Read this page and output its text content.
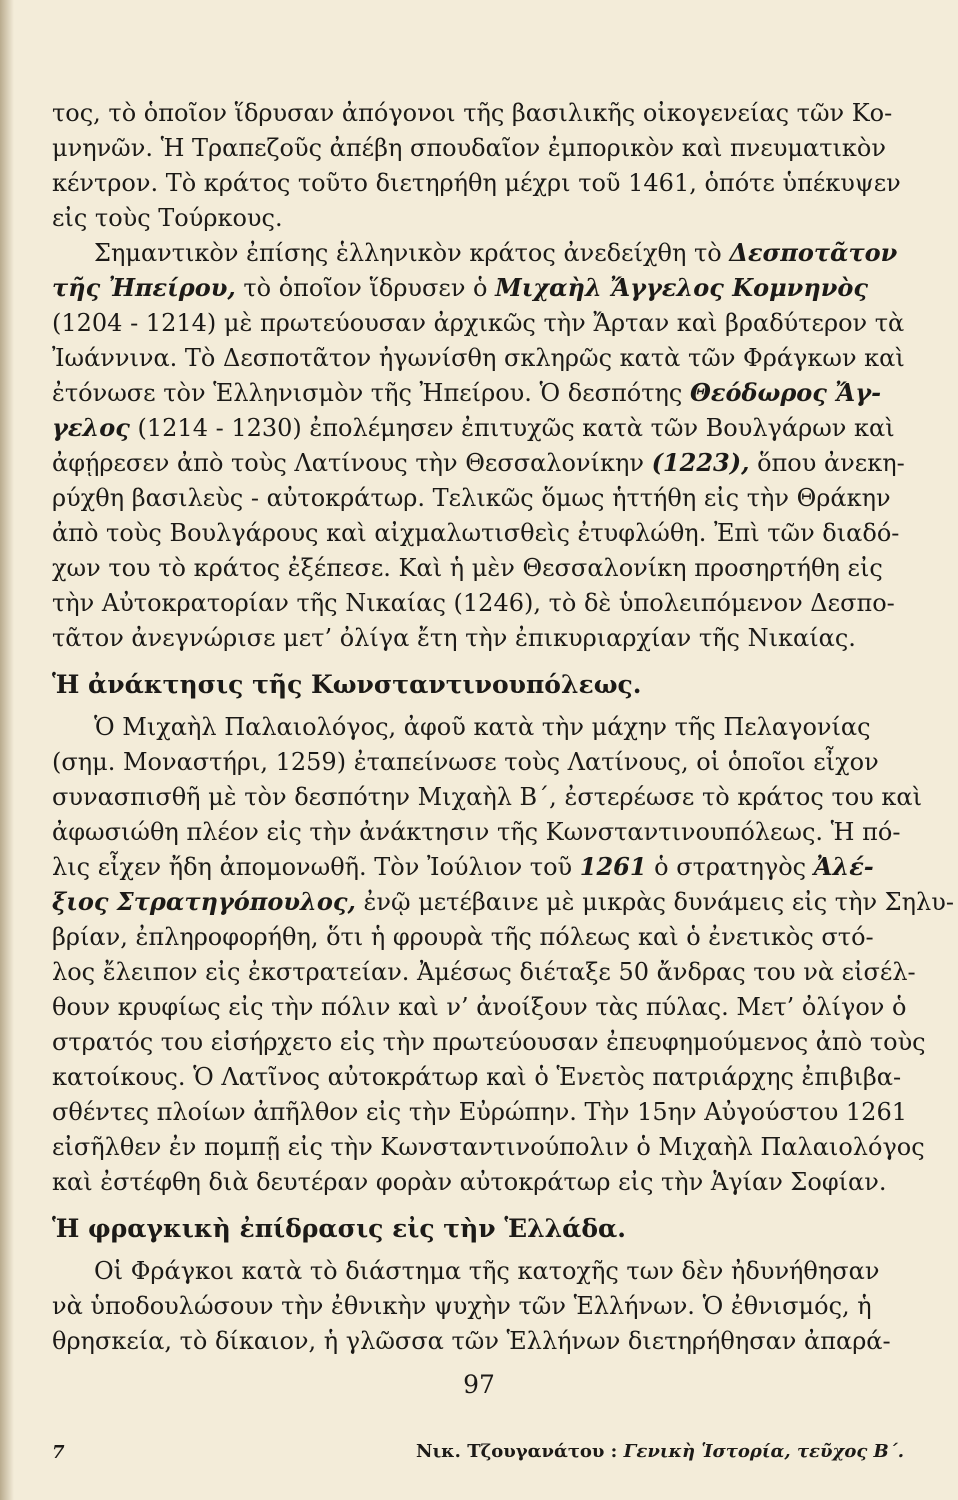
τος, τὸ ὁποῖον ἵδρυσαν ἀπόγονοι τῆς βασιλικῆς οἰκογενείας τῶν Κο-
μνηνῶν. Ἡ Τραπεζοῦς ἀπέβη σπουδαῖον ἐμπορικὸν καὶ πνευματικὸν
κέντρον. Τὸ κράτος τοῦτο διετηρήθη μέχρι τοῦ 1461, ὁπότε ὑπέκυψεν
εἰς τοὺς Τούρκους.
Σημαντικὸν ἐπίσης ἑλληνικὸν κράτος ἀνεδείχθη τὸ Δεσποτᾶτον
τῆς Ἠπείρου, τὸ ὁποῖον ἵδρυσεν ὁ Μιχαὴλ Ἄγγελος Κομνηνὸς
(1204 - 1214) μὲ πρωτεύουσαν ἀρχικῶς τὴν Ἄρταν καὶ βραδύτερον τὰ
Ἰωάννινα. Τὸ Δεσποτᾶτον ἠγωνίσθη σκληρῶς κατὰ τῶν Φράγκων καὶ
ἐτόνωσε τὸν Ἑλληνισμὸν τῆς Ἠπείρου. Ὁ δεσπότης Θεόδωρος Ἄγ-
γελος (1214 - 1230) ἐπολέμησεν ἐπιτυχῶς κατὰ τῶν Βουλγάρων καὶ
ἀφῄρεσεν ἀπὸ τοὺς Λατίνους τὴν Θεσσαλονίκην (1223), ὅπου ἀνεκη-
ρύχθη βασιλεὺς - αὐτοκράτωρ. Τελικῶς ὅμως ἡττήθη εἰς τὴν Θράκην
ἀπὸ τοὺς Βουλγάρους καὶ αἰχμαλωτισθεὶς ἐτυφλώθη. Ἐπὶ τῶν διαδό-
χων του τὸ κράτος ἐξέπεσε. Καὶ ἡ μὲν Θεσσαλονίκη προσηρτήθη εἰς
τὴν Αὐτοκρατορίαν τῆς Νικαίας (1246), τὸ δὲ ὑπολειπόμενον Δεσπο-
τᾶτον ἀνεγνώρισε μετ’ ὀλίγα ἔτη τὴν ἐπικυριαρχίαν τῆς Νικαίας.
Ἡ ἀνάκτησις τῆς Κωνσταντινουπόλεως.
Ὁ Μιχαὴλ Παλαιολόγος, ἀφοῦ κατὰ τὴν μάχην τῆς Πελαγονίας
(σημ. Μοναστήρι, 1259) ἐταπείνωσε τοὺς Λατίνους, οἱ ὁποῖοι εἶχον
συνασπισθῆ μὲ τὸν δεσπότην Μιχαὴλ Β΄, ἐστερέωσε τὸ κράτος του καὶ
ἀφωσιώθη πλέον εἰς τὴν ἀνάκτησιν τῆς Κωνσταντινουπόλεως. Ἡ πό-
λις εἶχεν ἤδη ἀπομονωθῆ. Τὸν Ἰούλιον τοῦ 1261 ὁ στρατηγὸς Ἀλέ-
ξιος Στρατηγόπουλος, ἐνῷ μετέβαινε μὲ μικρὰς δυνάμεις εἰς τὴν Σηλυ-
βρίαν, ἐπληροφορήθη, ὅτι ἡ φρουρὰ τῆς πόλεως καὶ ὁ ἐνετικὸς στό-
λος ἔλειπον εἰς ἐκστρατείαν. Ἀμέσως διέταξε 50 ἄνδρας του νὰ εἰσέλ-
θουν κρυφίως εἰς τὴν πόλιν καὶ ν’ ἀνοίξουν τὰς πύλας. Μετ’ ὀλίγον ὁ
στρατός του εἰσήρχετο εἰς τὴν πρωτεύουσαν ἐπευφημούμενος ἀπὸ τοὺς
κατοίκους. Ὁ Λατῖνος αὐτοκράτωρ καὶ ὁ Ἑνετὸς πατριάρχης ἐπιβιβα-
σθέντες πλοίων ἀπῆλθον εἰς τὴν Εὐρώπην. Τὴν 15ην Αὐγούστου 1261
εἰσῆλθεν ἐν πομπῇ εἰς τὴν Κωνσταντινούπολιν ὁ Μιχαὴλ Παλαιολόγος
καὶ ἐστέφθη διὰ δευτέραν φορὰν αὐτοκράτωρ εἰς τὴν Ἁγίαν Σοφίαν.
Ἡ φραγκικὴ ἐπίδρασις εἰς τὴν Ἑλλάδα.
Οἱ Φράγκοι κατὰ τὸ διάστημα τῆς κατοχῆς των δὲν ἠδυνήθησαν
νὰ ὑποδουλώσουν τὴν ἐθνικὴν ψυχὴν τῶν Ἑλλήνων. Ὁ ἐθνισμός, ἡ
θρησκεία, τὸ δίκαιον, ἡ γλῶσσα τῶν Ἑλλήνων διετηρήθησαν ἀπαρά-
97
7	Νικ. Τζουγανάτου : Γενικὴ Ἱστορία, τεῦχος Β΄.
